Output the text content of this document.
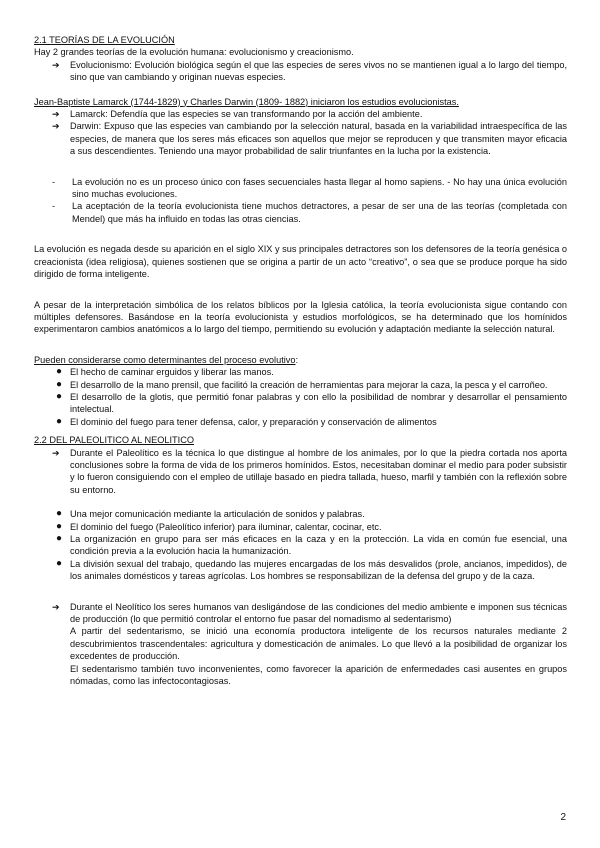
2.1 TEORÍAS DE LA EVOLUCIÓN

Hay 2 grandes teorías de la evolución humana: evolucionismo y creacionismo.

➔	Evolucionismo: Evolución biológica según el que las especies de seres vivos no se mantienen igual a lo largo del tiempo, sino que van cambiando y originan nuevas especies.

Jean-Baptiste Lamarck (1744-1829) y Charles Darwin (1809- 1882) iniciaron los estudios evolucionistas.

➔	Lamarck: Defendía que las especies se van transformando por la acción del ambiente.

➔	Darwin: Expuso que las especies van cambiando por la selección natural, basada en la variabilidad intraespecífica de las especies, de manera que los seres más eficaces son aquellos que mejor se reproducen y que transmiten mayor eficacia a sus descendientes. Teniendo una mayor probabilidad de salir triunfantes en la lucha por la existencia.

-	La evolución no es un proceso único con fases secuenciales hasta llegar al homo sapiens. - No hay una única evolución sino muchas evoluciones.

-	La aceptación de la teoría evolucionista tiene muchos detractores, a pesar de ser una de las teorías (completada con Mendel) que más ha influido en todas las otras ciencias.

La evolución es negada desde su aparición en el siglo XIX y sus principales detractores son los defensores de la teoría genésica o creacionista (idea religiosa), quienes sostienen que se origina a partir de un acto “creativo”, o sea que se produce porque ha sido dirigido de forma inteligente.

A pesar de la interpretación simbólica de los relatos bíblicos por la Iglesia católica, la teoría evolucionista sigue contando con múltiples defensores. Basándose en la teoría evolucionista y estudios morfológicos, se ha determinado que los homínidos experimentaron cambios anatómicos a lo largo del tiempo, permitiendo su evolución y adaptación mediante la selección natural.

Pueden considerarse como determinantes del proceso evolutivo:

● El hecho de caminar erguidos y liberar las manos.

● El desarrollo de la mano prensil, que facilitó la creación de herramientas para mejorar la caza, la pesca y el carroñeo.

● El desarrollo de la glotis, que permitió fonar palabras y con ello la posibilidad de nombrar y desarrollar el pensamiento intelectual.

● El dominio del fuego para tener defensa, calor, y preparación y conservación de alimentos

2.2 DEL PALEOLITICO AL NEOLITICO

➔	Durante el Paleolítico es la técnica lo que distingue al hombre de los animales, por lo que la piedra cortada nos aporta conclusiones sobre la forma de vida de los primeros homínidos. Estos, necesitaban dominar el medio para poder subsistir y lo fueron consiguiendo con el empleo de utillaje basado en piedra tallada, hueso, marfil y también con la reflexión sobre su entorno.

● Una mejor comunicación mediante la articulación de sonidos y palabras.

● El dominio del fuego (Paleolítico inferior) para iluminar, calentar, cocinar, etc.

● La organización en grupo para ser más eficaces en la caza y en la protección. La vida en común fue esencial, una condición previa a la evolución hacia la humanización.

● La división sexual del trabajo, quedando las mujeres encargadas de los más desvalidos (prole, ancianos, impedidos), de los animales domésticos y tareas agrícolas. Los hombres se responsabilizan de la defensa del grupo y de la caza.

➔	Durante el Neolítico los seres humanos van desligándose de las condiciones del medio ambiente e imponen sus técnicas de producción (lo que permitió controlar el entorno fue pasar del nomadismo al sedentarismo)

A partir del sedentarismo, se inició una economía productora inteligente de los recursos naturales mediante 2 descubrimientos trascendentales: agricultura y domesticación de animales. Lo que llevó a la posibilidad de organizar los excedentes de producción.

El sedentarismo también tuvo inconvenientes, como favorecer la aparición de enfermedades casi ausentes en grupos nómadas, como las infectocontagiosas.

2
